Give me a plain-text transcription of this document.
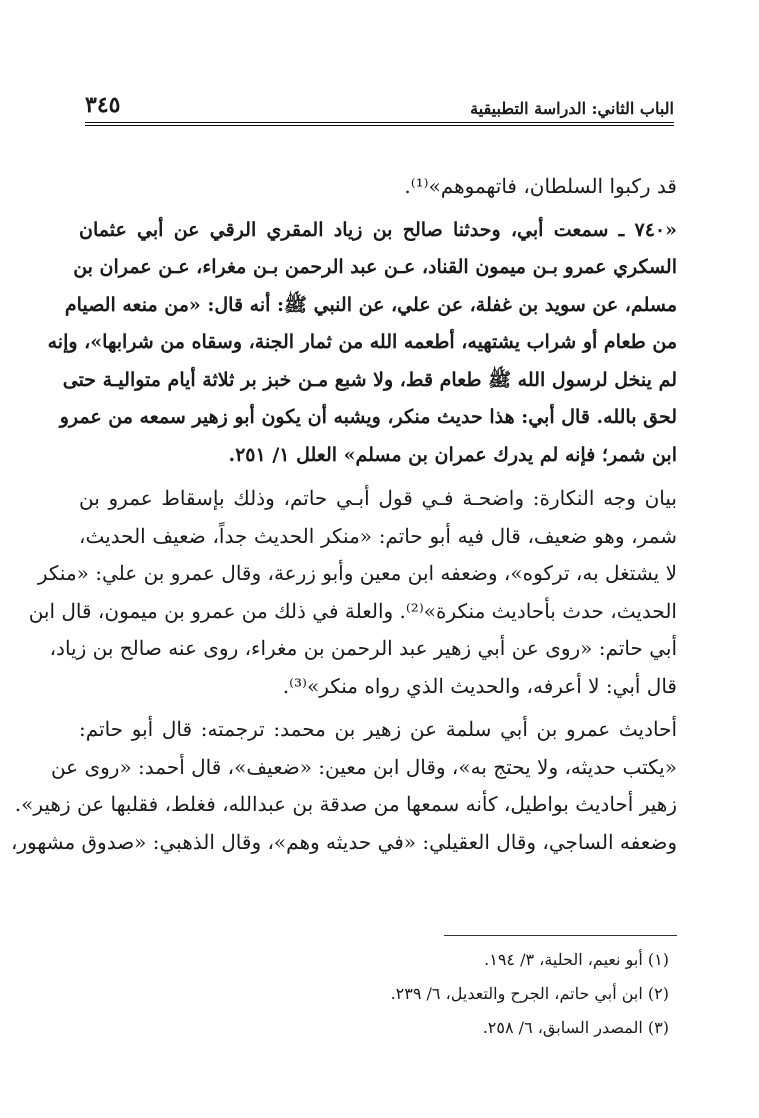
٣٤٥	الباب الثاني: الدراسة التطبيقية

قد ركبوا السلطان، فاتهموهم»⁽¹⁾.

«٧٤٠ ـ سمعت أبي، وحدثنا صالح بن زياد المقري الرقي عن أبي عثمان
السكري عمرو بـن ميمون القناد، عـن عبد الرحمن بـن مغراء، عـن عمران بن
مسلم، عن سويد بن غفلة، عن علي، عن النبي ﷺ: أنه قال: «من منعه الصيام
من طعام أو شراب يشتهيه، أطعمه الله من ثمار الجنة، وسقاه من شرابها»، وإنه
لم ينخل لرسول الله ﷺ طعام قط، ولا شبع مـن خبز بر ثلاثة أيام متواليـة حتى
لحق بالله. قال أبي: هذا حديث منكر، ويشبه أن يكون أبو زهير سمعه من عمرو
ابن شمر؛ فإنه لم يدرك عمران بن مسلم» العلل ١/ ٢٥١.

بيان وجه النكارة: واضحـة فـي قول أبـي حاتم، وذلك بإسقاط عمرو بن
شمر، وهو ضعيف، قال فيه أبو حاتم: «منكر الحديث جداً، ضعيف الحديث،
لا يشتغل به، تركوه»، وضعفه ابن معين وأبو زرعة، وقال عمرو بن علي: «منكر
الحديث، حدث بأحاديث منكرة»⁽²⁾. والعلة في ذلك من عمرو بن ميمون، قال ابن
أبي حاتم: «روى عن أبي زهير عبد الرحمن بن مغراء، روى عنه صالح بن زياد،
قال أبي: لا أعرفه، والحديث الذي رواه منكر»⁽³⁾.

أحاديث عمرو بن أبي سلمة عن زهير بن محمد: ترجمته: قال أبو حاتم:
«يكتب حديثه، ولا يحتج به»، وقال ابن معين: «ضعيف»، قال أحمد: «روى عن
زهير أحاديث بواطيل، كأنه سمعها من صدقة بن عبدالله، فغلط، فقلبها عن زهير».
وضعفه الساجي، وقال العقيلي: «في حديثه وهم»، وقال الذهبي: «صدوق مشهور،

(١) أبو نعيم، الحلية، ٣/ ١٩٤.
(٢) ابن أبي حاتم، الجرح والتعديل، ٦/ ٢٣٩.
(٣) المصدر السابق، ٦/ ٢٥٨.
